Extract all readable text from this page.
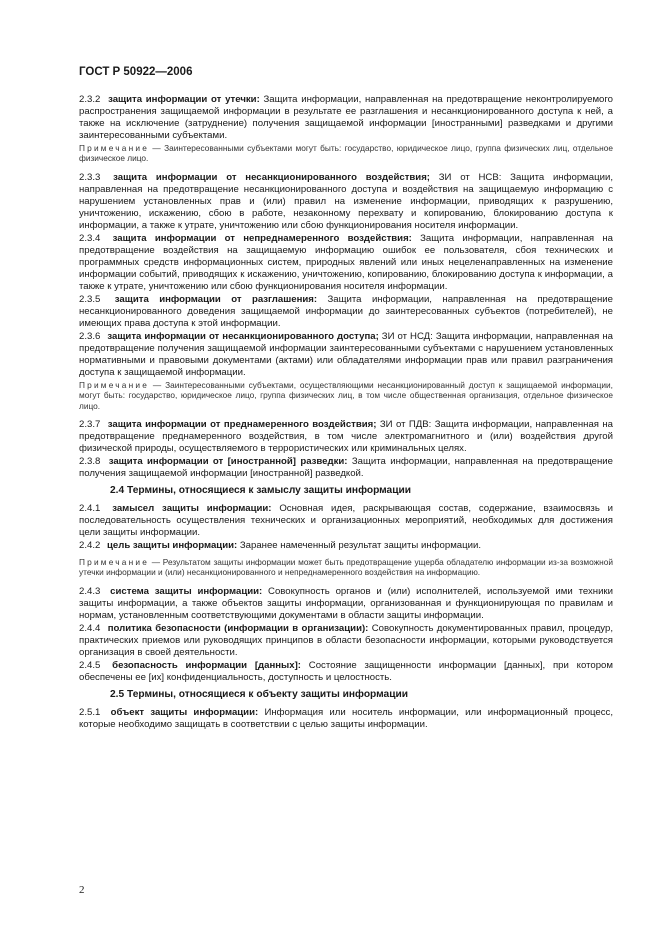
ГОСТ Р 50922—2006

2.3.2 защита информации от утечки: Защита информации, направленная на предотвращение неконтролируемого распространения защищаемой информации в результате ее разглашения и несанкционированного доступа к ней, а также на исключение (затруднение) получения защищаемой информации [иностранными] разведками и другими заинтересованными субъектами.

Примечание — Заинтересованными субъектами могут быть: государство, юридическое лицо, группа физических лиц, отдельное физическое лицо.

2.3.3 защита информации от несанкционированного воздействия; ЗИ от НСВ: Защита информации, направленная на предотвращение несанкционированного доступа и воздействия на защищаемую информацию с нарушением установленных прав и (или) правил на изменение информации, приводящих к разрушению, уничтожению, искажению, сбою в работе, незаконному перехвату и копированию, блокированию доступа к информации, а также к утрате, уничтожению или сбою функционирования носителя информации.

2.3.4 защита информации от непреднамеренного воздействия: Защита информации, направленная на предотвращение воздействия на защищаемую информацию ошибок ее пользователя, сбоя технических и программных средств информационных систем, природных явлений или иных нецеленаправленных на изменение информации событий, приводящих к искажению, уничтожению, копированию, блокированию доступа к информации, а также к утрате, уничтожению или сбою функционирования носителя информации.

2.3.5 защита информации от разглашения: Защита информации, направленная на предотвращение несанкционированного доведения защищаемой информации до заинтересованных субъектов (потребителей), не имеющих права доступа к этой информации.

2.3.6 защита информации от несанкционированного доступа; ЗИ от НСД: Защита информации, направленная на предотвращение получения защищаемой информации заинтересованными субъектами с нарушением установленных нормативными и правовыми документами (актами) или обладателями информации прав или правил разграничения доступа к защищаемой информации.

Примечание — Заинтересованными субъектами, осуществляющими несанкционированный доступ к защищаемой информации, могут быть: государство, юридическое лицо, группа физических лиц, в том числе общественная организация, отдельное физическое лицо.

2.3.7 защита информации от преднамеренного воздействия; ЗИ от ПДВ: Защита информации, направленная на предотвращение преднамеренного воздействия, в том числе электромагнитного и (или) воздействия другой физической природы, осуществляемого в террористических или криминальных целях.

2.3.8 защита информации от [иностранной] разведки: Защита информации, направленная на предотвращение получения защищаемой информации [иностранной] разведкой.

2.4 Термины, относящиеся к замыслу защиты информации

2.4.1 замысел защиты информации: Основная идея, раскрывающая состав, содержание, взаимосвязь и последовательность осуществления технических и организационных мероприятий, необходимых для достижения цели защиты информации.

2.4.2 цель защиты информации: Заранее намеченный результат защиты информации.

Примечание — Результатом защиты информации может быть предотвращение ущерба обладателю информации из-за возможной утечки информации и (или) несанкционированного и непреднамеренного воздействия на информацию.

2.4.3 система защиты информации: Совокупность органов и (или) исполнителей, используемой ими техники защиты информации, а также объектов защиты информации, организованная и функционирующая по правилам и нормам, установленным соответствующими документами в области защиты информации.

2.4.4 политика безопасности (информации в организации): Совокупность документированных правил, процедур, практических приемов или руководящих принципов в области безопасности информации, которыми руководствуется организация в своей деятельности.

2.4.5 безопасность информации [данных]: Состояние защищенности информации [данных], при котором обеспечены ее [их] конфиденциальность, доступность и целостность.

2.5 Термины, относящиеся к объекту защиты информации

2.5.1 объект защиты информации: Информация или носитель информации, или информационный процесс, которые необходимо защищать в соответствии с целью защиты информации.

2
